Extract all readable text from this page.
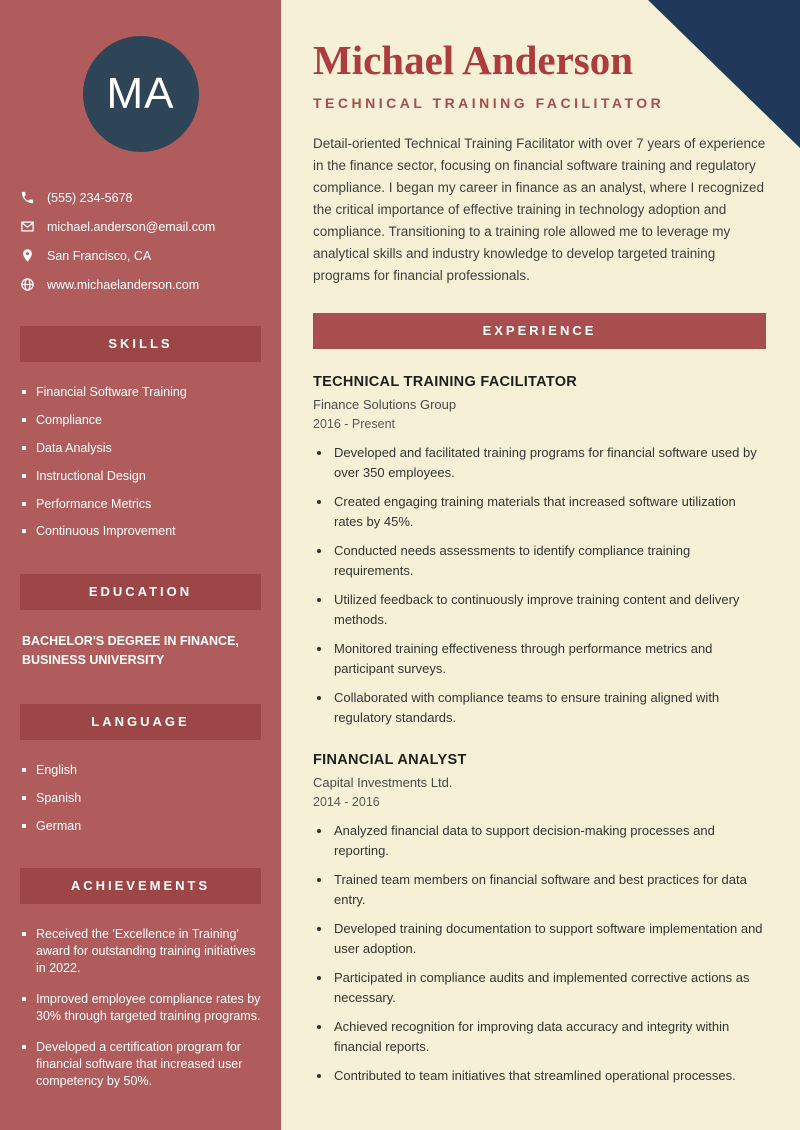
MA
(555) 234-5678
michael.anderson@email.com
San Francisco, CA
www.michaelanderson.com
SKILLS
Financial Software Training
Compliance
Data Analysis
Instructional Design
Performance Metrics
Continuous Improvement
EDUCATION
BACHELOR'S DEGREE IN FINANCE,
BUSINESS UNIVERSITY
LANGUAGE
English
Spanish
German
ACHIEVEMENTS
Received the 'Excellence in Training' award for outstanding training initiatives in 2022.
Improved employee compliance rates by 30% through targeted training programs.
Developed a certification program for financial software that increased user competency by 50%.
Michael Anderson
TECHNICAL TRAINING FACILITATOR

Detail-oriented Technical Training Facilitator with over 7 years of experience in the finance sector, focusing on financial software training and regulatory compliance. I began my career in finance as an analyst, where I recognized the critical importance of effective training in technology adoption and compliance. Transitioning to a training role allowed me to leverage my analytical skills and industry knowledge to develop targeted training programs for financial professionals.

EXPERIENCE
TECHNICAL TRAINING FACILITATOR
Finance Solutions Group
2016 - Present
• Developed and facilitated training programs for financial software used by over 350 employees.
• Created engaging training materials that increased software utilization rates by 45%.
• Conducted needs assessments to identify compliance training requirements.
• Utilized feedback to continuously improve training content and delivery methods.
• Monitored training effectiveness through performance metrics and participant surveys.
• Collaborated with compliance teams to ensure training aligned with regulatory standards.
FINANCIAL ANALYST
Capital Investments Ltd.
2014 - 2016
• Analyzed financial data to support decision-making processes and reporting.
• Trained team members on financial software and best practices for data entry.
• Developed training documentation to support software implementation and user adoption.
• Participated in compliance audits and implemented corrective actions as necessary.
• Achieved recognition for improving data accuracy and integrity within financial reports.
• Contributed to team initiatives that streamlined operational processes.
